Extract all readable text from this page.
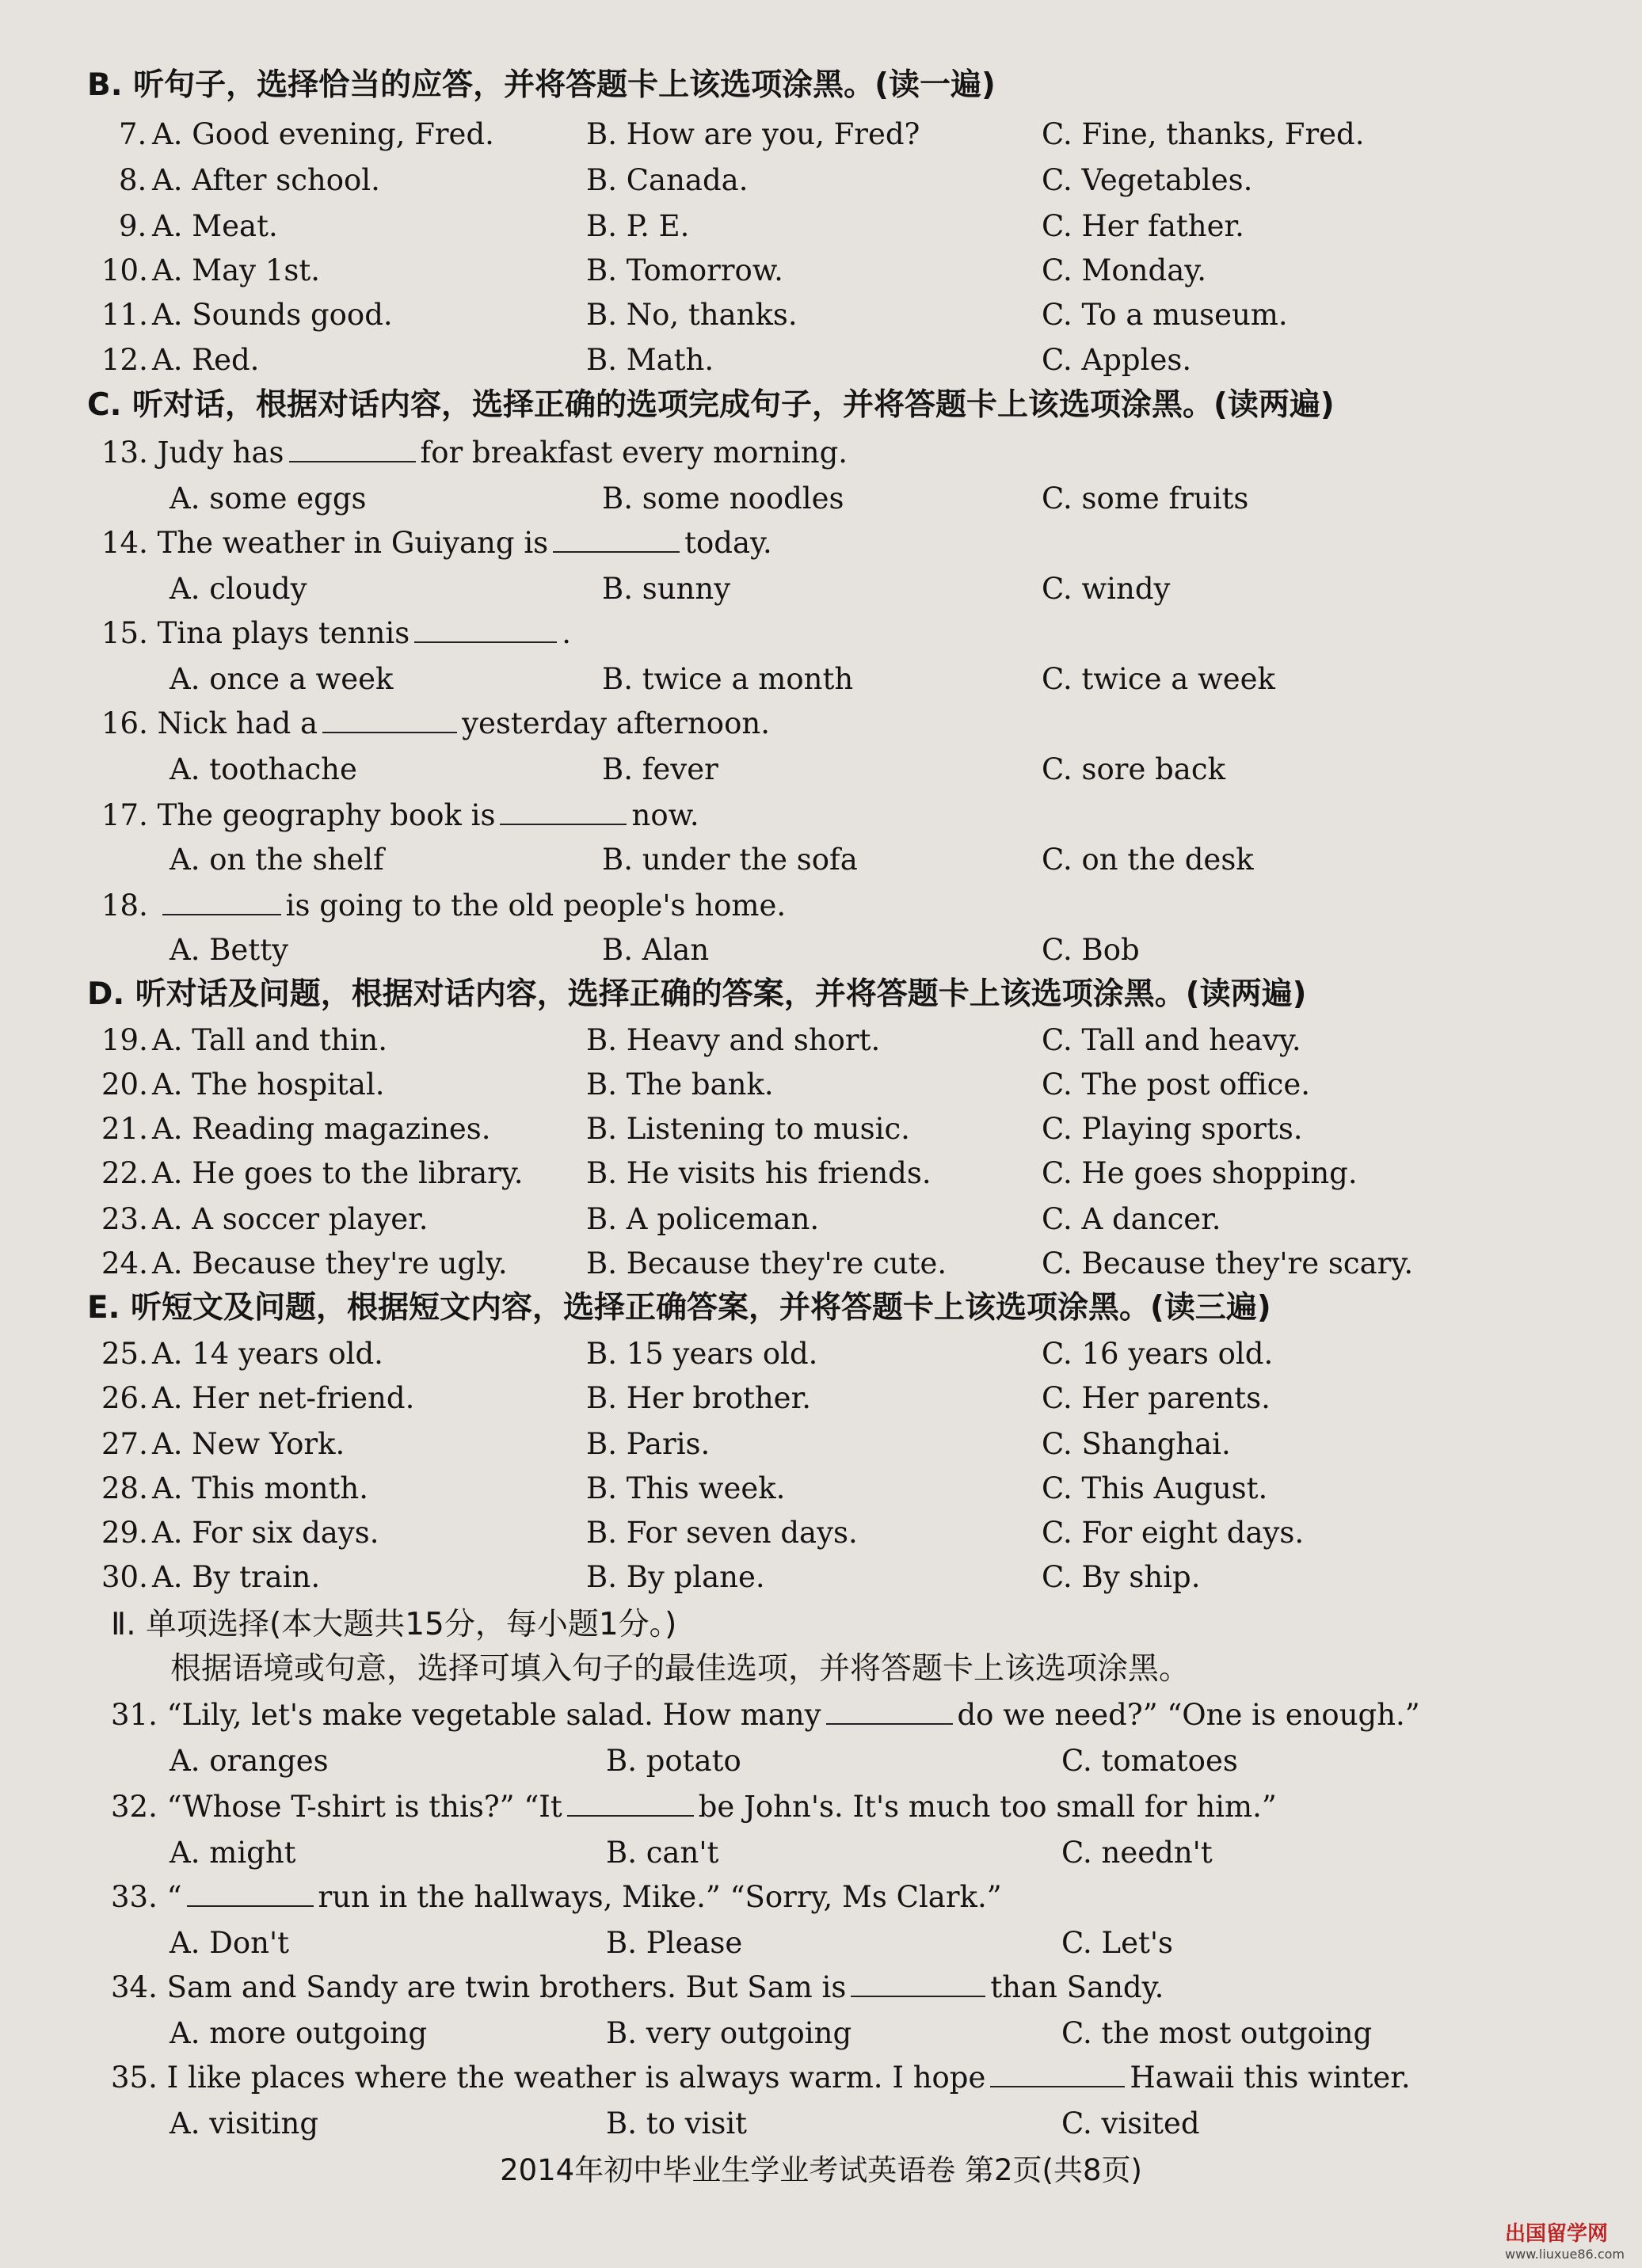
B. 听句子，选择恰当的应答，并将答题卡上该选项涂黑。(读一遍)
7. A. Good evening, Fred.	B. How are you, Fred?	C. Fine, thanks, Fred.
8. A. After school.	B. Canada.	C. Vegetables.
9. A. Meat.	B. P. E.	C. Her father.
10. A. May 1st.	B. Tomorrow.	C. Monday.
11. A. Sounds good.	B. No, thanks.	C. To a museum.
12. A. Red.	B. Math.	C. Apples.
C. 听对话，根据对话内容，选择正确的选项完成句子，并将答题卡上该选项涂黑。(读两遍)
13. Judy has	for breakfast every morning.
A. some eggs	B. some noodles	C. some fruits
14. The weather in Guiyang is	today.
A. cloudy	B. sunny	C. windy
15. Tina plays tennis	.
A. once a week	B. twice a month	C. twice a week
16. Nick had a	yesterday afternoon.
A. toothache	B. fever	C. sore back
17. The geography book is	now.
A. on the shelf	B. under the sofa	C. on the desk
18.	is going to the old people's home.
A. Betty	B. Alan	C. Bob
D. 听对话及问题，根据对话内容，选择正确的答案，并将答题卡上该选项涂黑。(读两遍)
19. A. Tall and thin.	B. Heavy and short.	C. Tall and heavy.
20. A. The hospital.	B. The bank.	C. The post office.
21. A. Reading magazines.	B. Listening to music.	C. Playing sports.
22. A. He goes to the library. B. He visits his friends.	C. He goes shopping.
23. A. A soccer player.	B. A policeman.	C. A dancer.
24. A. Because they're ugly.	B. Because they're cute.	C. Because they're scary.
E. 听短文及问题，根据短文内容，选择正确答案，并将答题卡上该选项涂黑。(读三遍)
25. A. 14 years old.	B. 15 years old.	C. 16 years old.
26. A. Her net-friend.	B. Her brother.	C. Her parents.
27. A. New York.	B. Paris.	C. Shanghai.
28. A. This month.	B. This week.	C. This August.
29. A. For six days.	B. For seven days.	C. For eight days.
30. A. By train.	B. By plane.	C. By ship.
Ⅱ. 单项选择(本大题共15分，每小题1分。)
根据语境或句意，选择可填入句子的最佳选项，并将答题卡上该选项涂黑。
31. “Lily, let's make vegetable salad. How many	do we need?” “One is enough.”
A. oranges	B. potato	C. tomatoes
32. “Whose T-shirt is this?” “It	be John's. It's much too small for him.”
A. might	B. can't	C. needn't
33. “	run in the hallways, Mike.” “Sorry, Ms Clark.”
A. Don't	B. Please	C. Let's
34. Sam and Sandy are twin brothers. But Sam is	than Sandy.
A. more outgoing	B. very outgoing	C. the most outgoing
35. I like places where the weather is always warm. I hope	Hawaii this winter.
A. visiting	B. to visit	C. visited
2014年初中毕业生学业考试英语卷 第2页(共8页)
出国留学网
www.liuxue86.com
